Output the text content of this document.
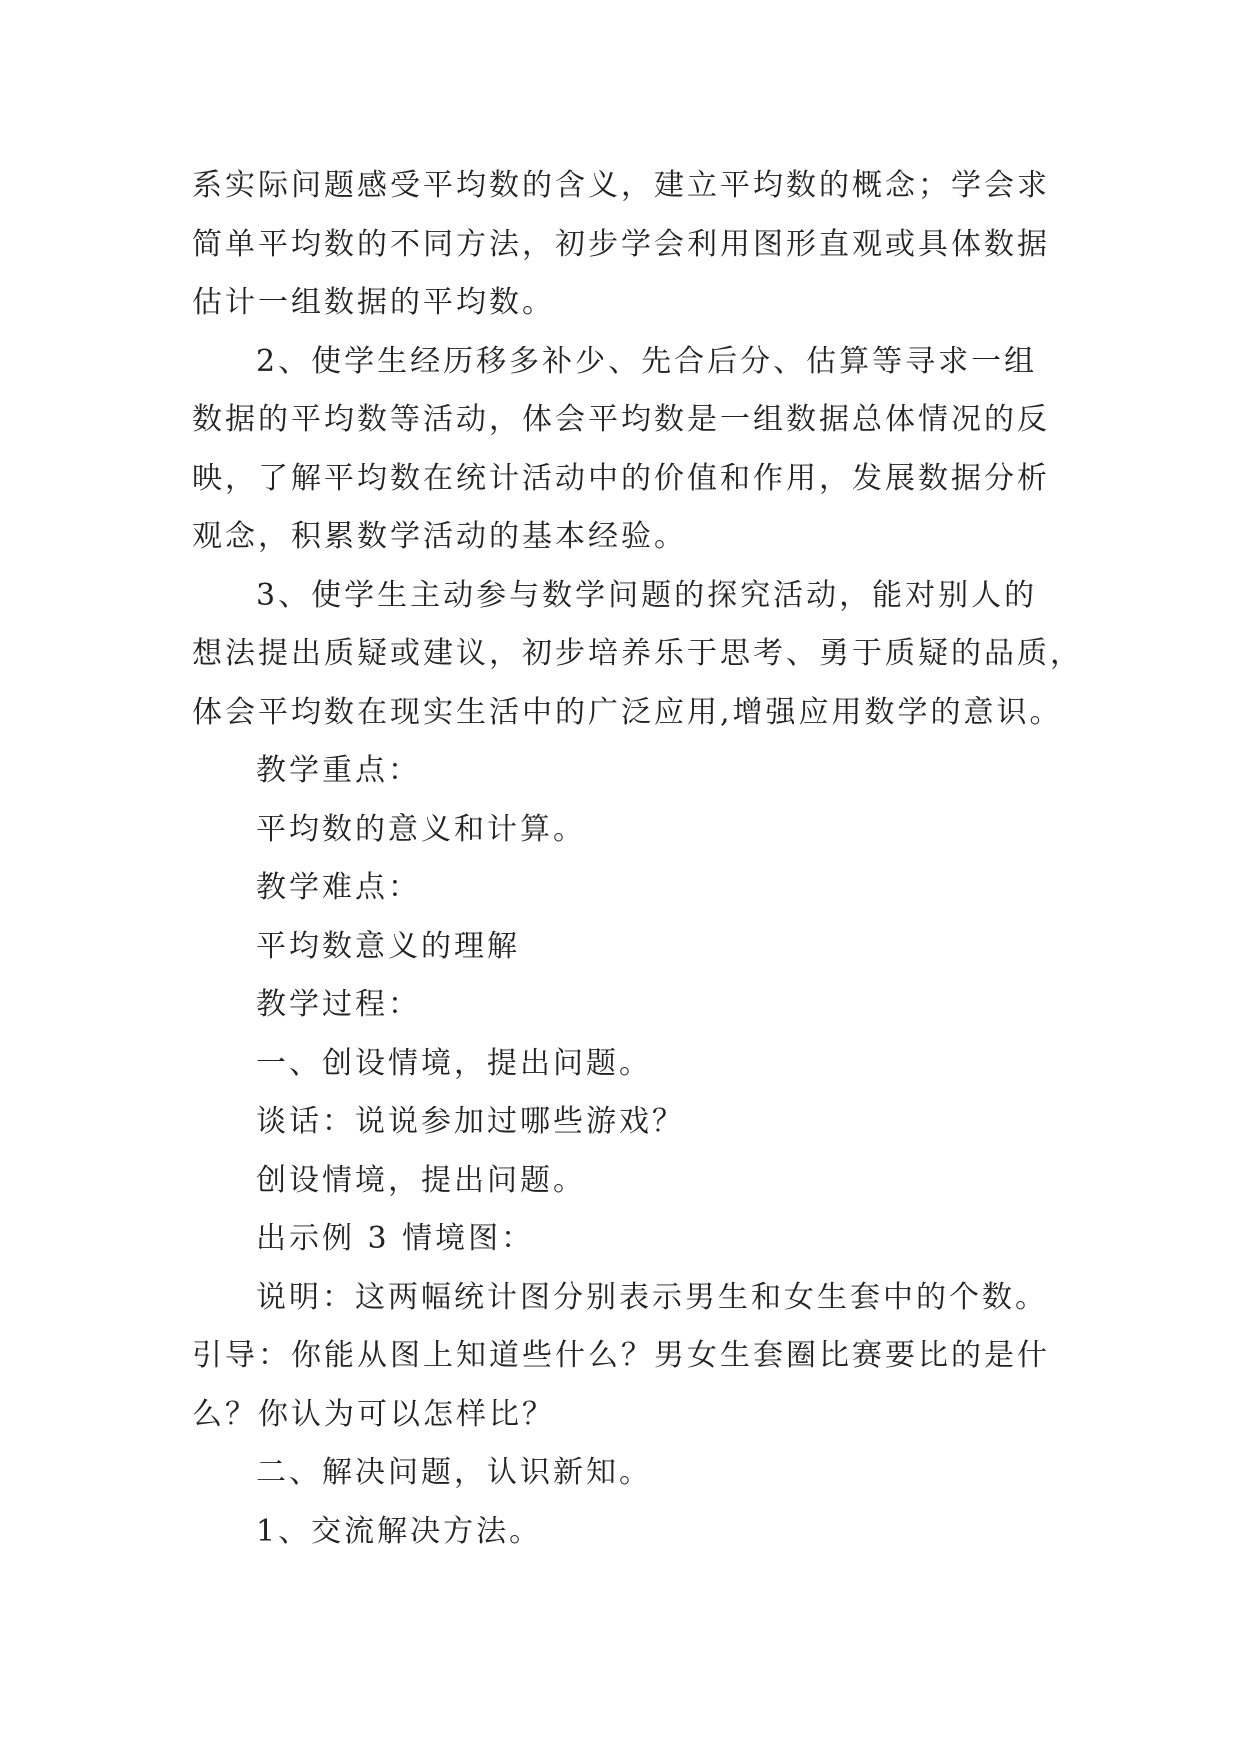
系实际问题感受平均数的含义，建立平均数的概念；学会求
简单平均数的不同方法，初步学会利用图形直观或具体数据
估计一组数据的平均数。
2、使学生经历移多补少、先合后分、估算等寻求一组
数据的平均数等活动，体会平均数是一组数据总体情况的反
映，了解平均数在统计活动中的价值和作用，发展数据分析
观念，积累数学活动的基本经验。
3、使学生主动参与数学问题的探究活动，能对别人的
想法提出质疑或建议，初步培养乐于思考、勇于质疑的品质，
体会平均数在现实生活中的广泛应用,增强应用数学的意识。
教学重点：
平均数的意义和计算。
教学难点：
平均数意义的理解
教学过程：
一、创设情境，提出问题。
谈话：说说参加过哪些游戏？
创设情境，提出问题。
出示例 3 情境图：
说明：这两幅统计图分别表示男生和女生套中的个数。
引导：你能从图上知道些什么？男女生套圈比赛要比的是什
么？你认为可以怎样比？
二、解决问题，认识新知。
1、交流解决方法。
